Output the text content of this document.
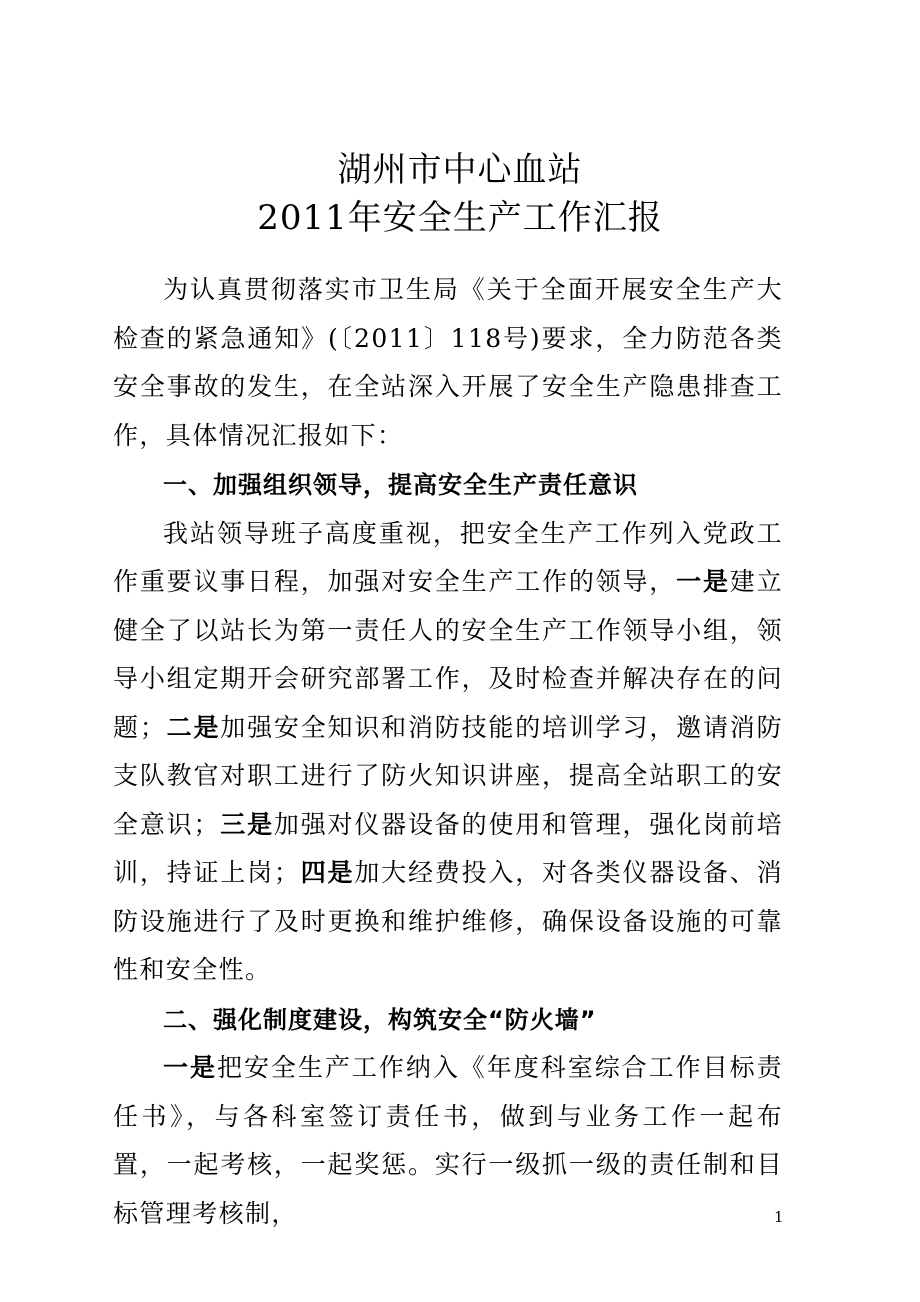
湖州市中心血站
2011年安全生产工作汇报

为认真贯彻落实市卫生局《关于全面开展安全生产大检查的紧急通知》(〔2011〕118号)要求，全力防范各类安全事故的发生，在全站深入开展了安全生产隐患排查工作，具体情况汇报如下：

一、加强组织领导，提高安全生产责任意识

我站领导班子高度重视，把安全生产工作列入党政工作重要议事日程，加强对安全生产工作的领导，一是建立健全了以站长为第一责任人的安全生产工作领导小组，领导小组定期开会研究部署工作，及时检查并解决存在的问题；二是加强安全知识和消防技能的培训学习，邀请消防支队教官对职工进行了防火知识讲座，提高全站职工的安全意识；三是加强对仪器设备的使用和管理，强化岗前培训，持证上岗；四是加大经费投入，对各类仪器设备、消防设施进行了及时更换和维护维修，确保设备设施的可靠性和安全性。

二、强化制度建设，构筑安全“防火墙”

一是把安全生产工作纳入《年度科室综合工作目标责任书》，与各科室签订责任书，做到与业务工作一起布置，一起考核，一起奖惩。实行一级抓一级的责任制和目标管理考核制，	1
